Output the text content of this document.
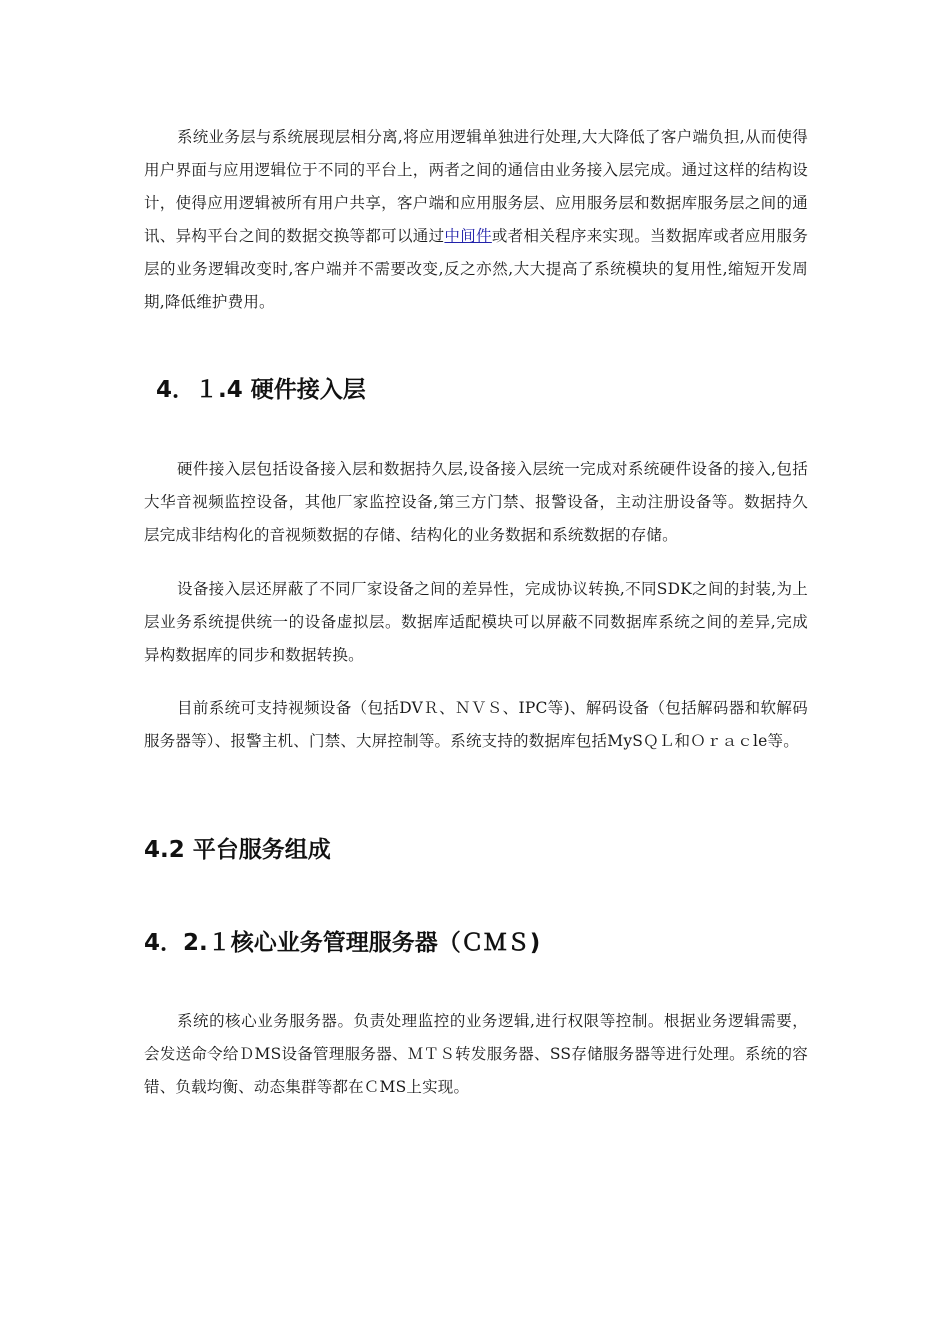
系统业务层与系统展现层相分离,将应用逻辑单独进行处理,大大降低了客户端负担,从而使得用户界面与应用逻辑位于不同的平台上，两者之间的通信由业务接入层完成。通过这样的结构设计，使得应用逻辑被所有用户共享，客户端和应用服务层、应用服务层和数据库服务层之间的通讯、异构平台之间的数据交换等都可以通过中间件或者相关程序来实现。当数据库或者应用服务层的业务逻辑改变时,客户端并不需要改变,反之亦然,大大提高了系统模块的复用性,缩短开发周期,降低维护费用。

4．１.4 硬件接入层

硬件接入层包括设备接入层和数据持久层,设备接入层统一完成对系统硬件设备的接入,包括大华音视频监控设备，其他厂家监控设备,第三方门禁、报警设备，主动注册设备等。数据持久层完成非结构化的音视频数据的存储、结构化的业务数据和系统数据的存储。

设备接入层还屏蔽了不同厂家设备之间的差异性，完成协议转换,不同SDK之间的封装,为上层业务系统提供统一的设备虚拟层。数据库适配模块可以屏蔽不同数据库系统之间的差异,完成异构数据库的同步和数据转换。

目前系统可支持视频设备（包括DVＲ、ＮＶＳ、IPC等)、解码设备（包括解码器和软解码服务器等）、报警主机、门禁、大屏控制等。系统支持的数据库包括MySＱＬ和Ｏｒａｃle等。

4.2 平台服务组成
4．2.１核心业务管理服务器（ＣＭＳ)

系统的核心业务服务器。负责处理监控的业务逻辑,进行权限等控制。根据业务逻辑需要，会发送命令给ＤMS设备管理服务器、ＭＴＳ转发服务器、SS存储服务器等进行处理。系统的容错、负载均衡、动态集群等都在ＣMS上实现。
